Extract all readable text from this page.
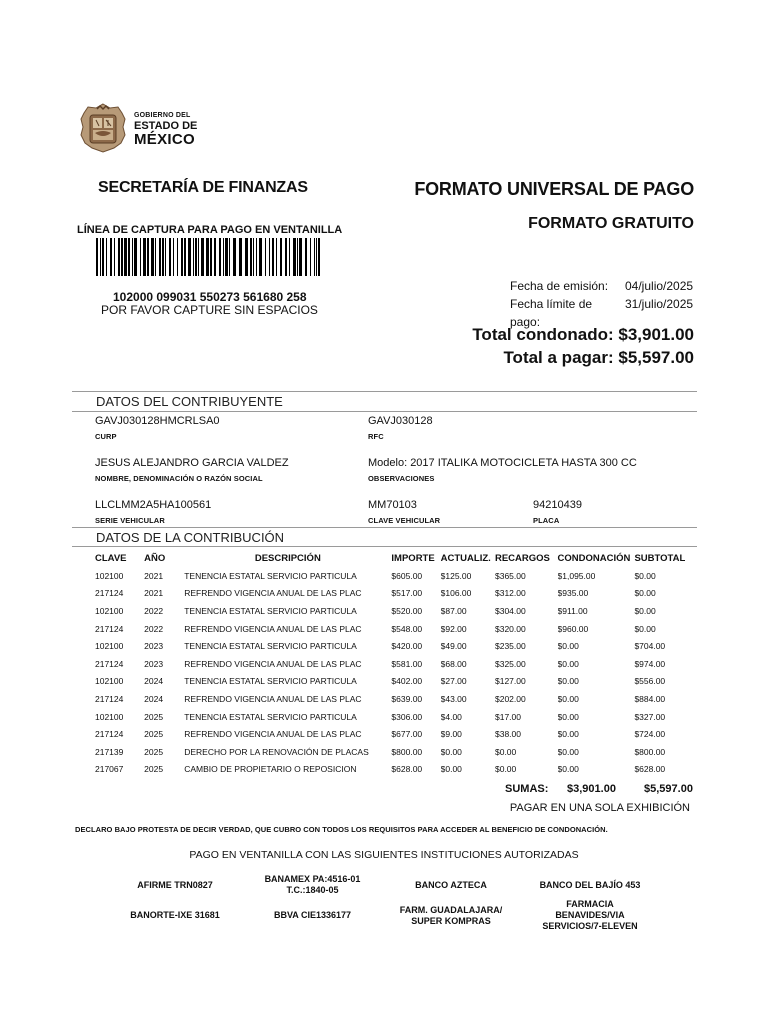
GOBIERNO DEL
ESTADO DE
MÉXICO
SECRETARÍA DE FINANZAS	FORMATO UNIVERSAL DE PAGO
FORMATO GRATUITO
LÍNEA DE CAPTURA PARA PAGO EN VENTANILLA
102000 099031 550273 561680 258
POR FAVOR CAPTURE SIN ESPACIOS
Fecha de emisión:	04/julio/2025
Fecha límite de pago:
31/julio/2025
Total condonado: $3,901.00
Total a pagar: $5,597.00
DATOS DEL CONTRIBUYENTE
GAVJ030128HMCRLSA0
CURP
GAVJ030128
RFC
JESUS ALEJANDRO GARCIA VALDEZ
NOMBRE, DENOMINACIÓN O RAZÓN SOCIAL
Modelo: 2017 ITALIKA MOTOCICLETA HASTA 300 CC
OBSERVACIONES
LLCLMM2A5HA100561
SERIE VEHICULAR
MM70103
CLAVE VEHICULAR
94210439
PLACA
DATOS DE LA CONTRIBUCIÓN
CLAVE	AÑO	DESCRIPCIÓN	IMPORTE	ACTUALIZ.	RECARGOS	CONDONACIÓN	SUBTOTAL
102100	2021	TENENCIA ESTATAL SERVICIO PARTICULA	$605.00	$125.00	$365.00	$1,095.00	$0.00
217124	2021	REFRENDO VIGENCIA ANUAL DE LAS PLAC	$517.00	$106.00	$312.00	$935.00	$0.00
102100	2022	TENENCIA ESTATAL SERVICIO PARTICULA	$520.00	$87.00	$304.00	$911.00	$0.00
217124	2022	REFRENDO VIGENCIA ANUAL DE LAS PLAC	$548.00	$92.00	$320.00	$960.00	$0.00
102100	2023	TENENCIA ESTATAL SERVICIO PARTICULA	$420.00	$49.00	$235.00	$0.00	$704.00
217124	2023	REFRENDO VIGENCIA ANUAL DE LAS PLAC	$581.00	$68.00	$325.00	$0.00	$974.00
102100	2024	TENENCIA ESTATAL SERVICIO PARTICULA	$402.00	$27.00	$127.00	$0.00	$556.00
217124	2024	REFRENDO VIGENCIA ANUAL DE LAS PLAC	$639.00	$43.00	$202.00	$0.00	$884.00
102100	2025	TENENCIA ESTATAL SERVICIO PARTICULA	$306.00	$4.00	$17.00	$0.00	$327.00
217124	2025	REFRENDO VIGENCIA ANUAL DE LAS PLAC	$677.00	$9.00	$38.00	$0.00	$724.00
217139	2025	DERECHO POR LA RENOVACIÓN DE PLACAS	$800.00	$0.00	$0.00	$0.00	$800.00
217067	2025	CAMBIO DE PROPIETARIO O REPOSICION	$628.00	$0.00	$0.00	$0.00	$628.00
SUMAS: $3,901.00	$5,597.00
PAGAR EN UNA SOLA EXHIBICIÓN
DECLARO BAJO PROTESTA DE DECIR VERDAD, QUE CUBRO CON TODOS LOS REQUISITOS PARA ACCEDER AL BENEFICIO DE CONDONACIÓN.
PAGO EN VENTANILLA CON LAS SIGUIENTES INSTITUCIONES AUTORIZADAS
AFIRME TRN0827
BANAMEX PA:4516-01
T.C.:1840-05	BANCO AZTECA	BANCO DEL BAJÍO 453
BANORTE-IXE 31681	BBVA CIE1336177	FARM. GUADALAJARA/
SUPER KOMPRAS
FARMACIA
BENAVIDES/VIA
SERVICIOS/7-ELEVEN
